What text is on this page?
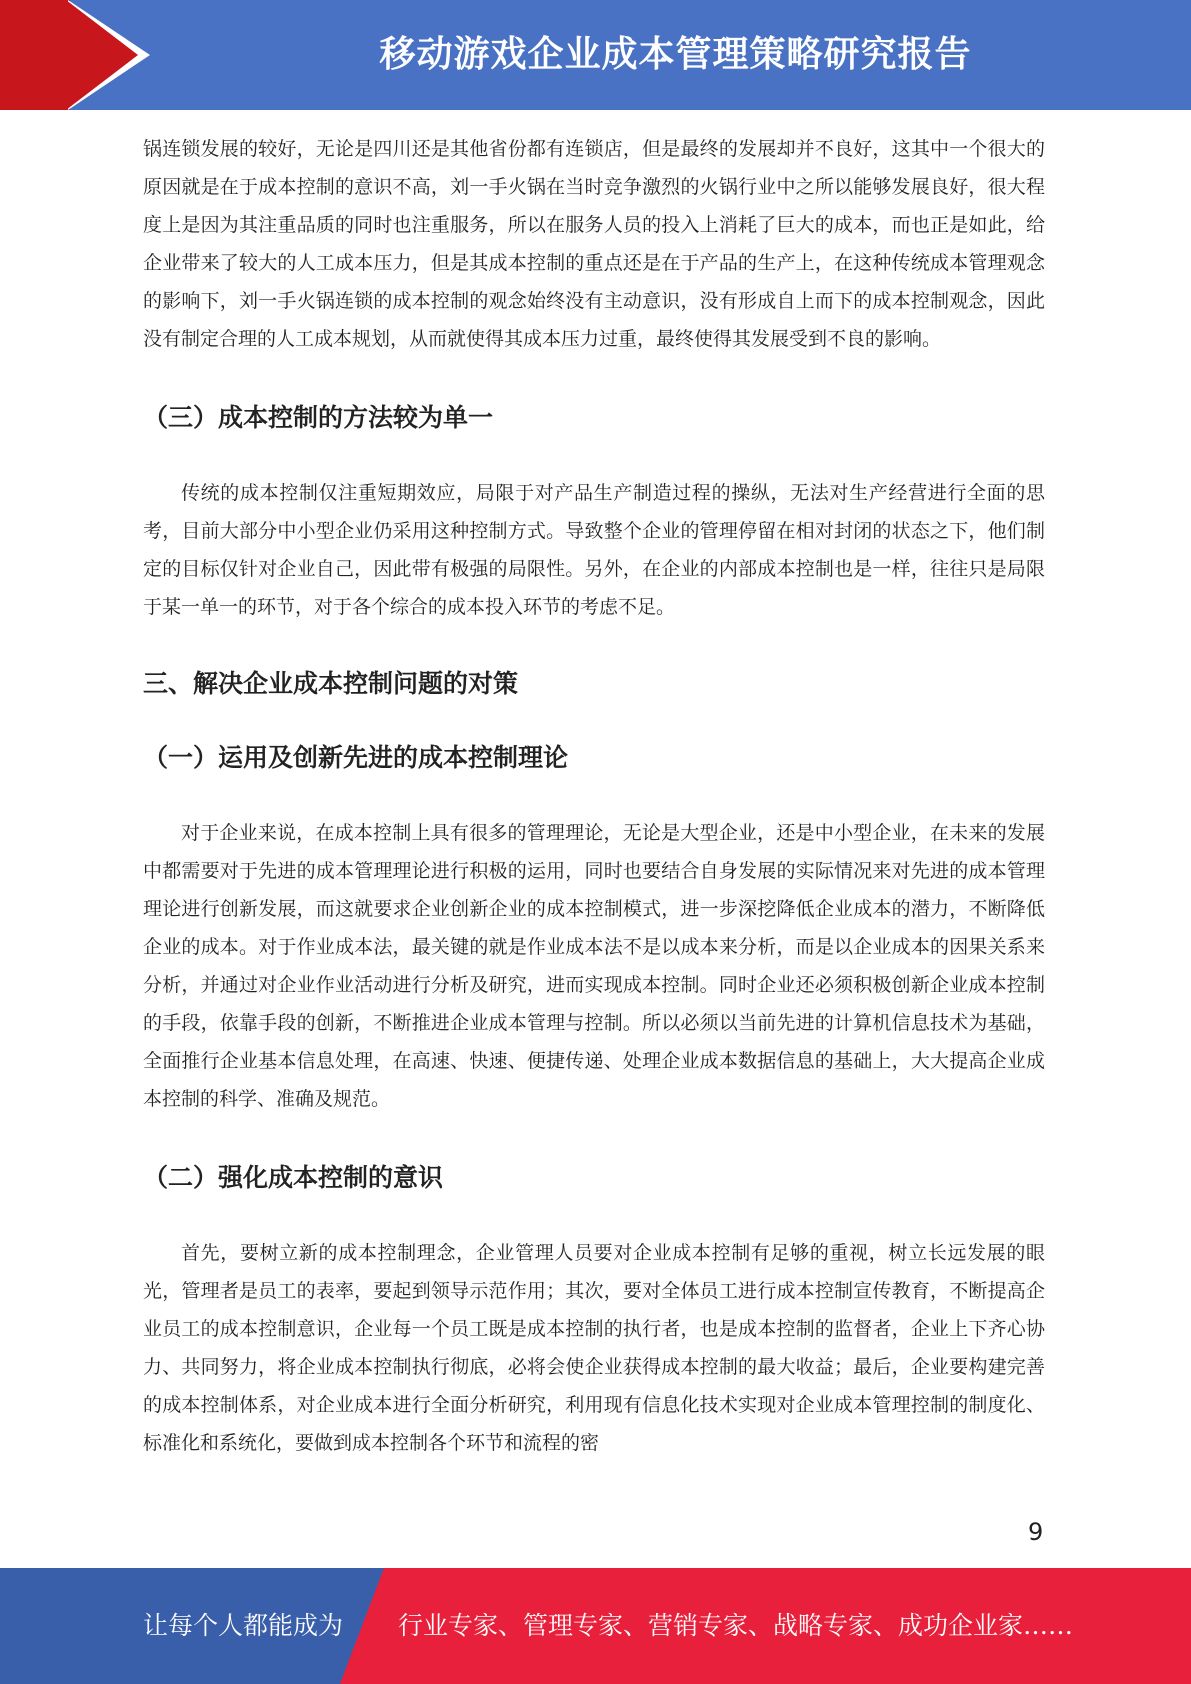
移动游戏企业成本管理策略研究报告

锅连锁发展的较好，无论是四川还是其他省份都有连锁店，但是最终的发展却并不良好，这其中一个很大的原因就是在于成本控制的意识不高，刘一手火锅在当时竞争激烈的火锅行业中之所以能够发展良好，很大程度上是因为其注重品质的同时也注重服务，所以在服务人员的投入上消耗了巨大的成本，而也正是如此，给企业带来了较大的人工成本压力，但是其成本控制的重点还是在于产品的生产上，在这种传统成本管理观念的影响下，刘一手火锅连锁的成本控制的观念始终没有主动意识，没有形成自上而下的成本控制观念，因此没有制定合理的人工成本规划，从而就使得其成本压力过重，最终使得其发展受到不良的影响。

（三）成本控制的方法较为单一

传统的成本控制仅注重短期效应，局限于对产品生产制造过程的操纵，无法对生产经营进行全面的思考，目前大部分中小型企业仍采用这种控制方式。导致整个企业的管理停留在相对封闭的状态之下，他们制定的目标仅针对企业自己，因此带有极强的局限性。另外，在企业的内部成本控制也是一样，往往只是局限于某一单一的环节，对于各个综合的成本投入环节的考虑不足。

三、解决企业成本控制问题的对策
（一）运用及创新先进的成本控制理论

对于企业来说，在成本控制上具有很多的管理理论，无论是大型企业，还是中小型企业，在未来的发展中都需要对于先进的成本管理理论进行积极的运用，同时也要结合自身发展的实际情况来对先进的成本管理理论进行创新发展，而这就要求企业创新企业的成本控制模式，进一步深挖降低企业成本的潜力，不断降低企业的成本。对于作业成本法，最关键的就是作业成本法不是以成本来分析，而是以企业成本的因果关系来分析，并通过对企业作业活动进行分析及研究，进而实现成本控制。同时企业还必须积极创新企业成本控制的手段，依靠手段的创新，不断推进企业成本管理与控制。所以必须以当前先进的计算机信息技术为基础，全面推行企业基本信息处理，在高速、快速、便捷传递、处理企业成本数据信息的基础上，大大提高企业成本控制的科学、准确及规范。

（二）强化成本控制的意识

首先，要树立新的成本控制理念，企业管理人员要对企业成本控制有足够的重视，树立长远发展的眼光，管理者是员工的表率，要起到领导示范作用；其次，要对全体员工进行成本控制宣传教育，不断提高企业员工的成本控制意识，企业每一个员工既是成本控制的执行者，也是成本控制的监督者，企业上下齐心协力、共同努力，将企业成本控制执行彻底，必将会使企业获得成本控制的最大收益；最后，企业要构建完善的成本控制体系，对企业成本进行全面分析研究，利用现有信息化技术实现对企业成本管理控制的制度化、标准化和系统化，要做到成本控制各个环节和流程的密

9
让每个人都能成为 行业专家、管理专家、营销专家、战略专家、成功企业家……
